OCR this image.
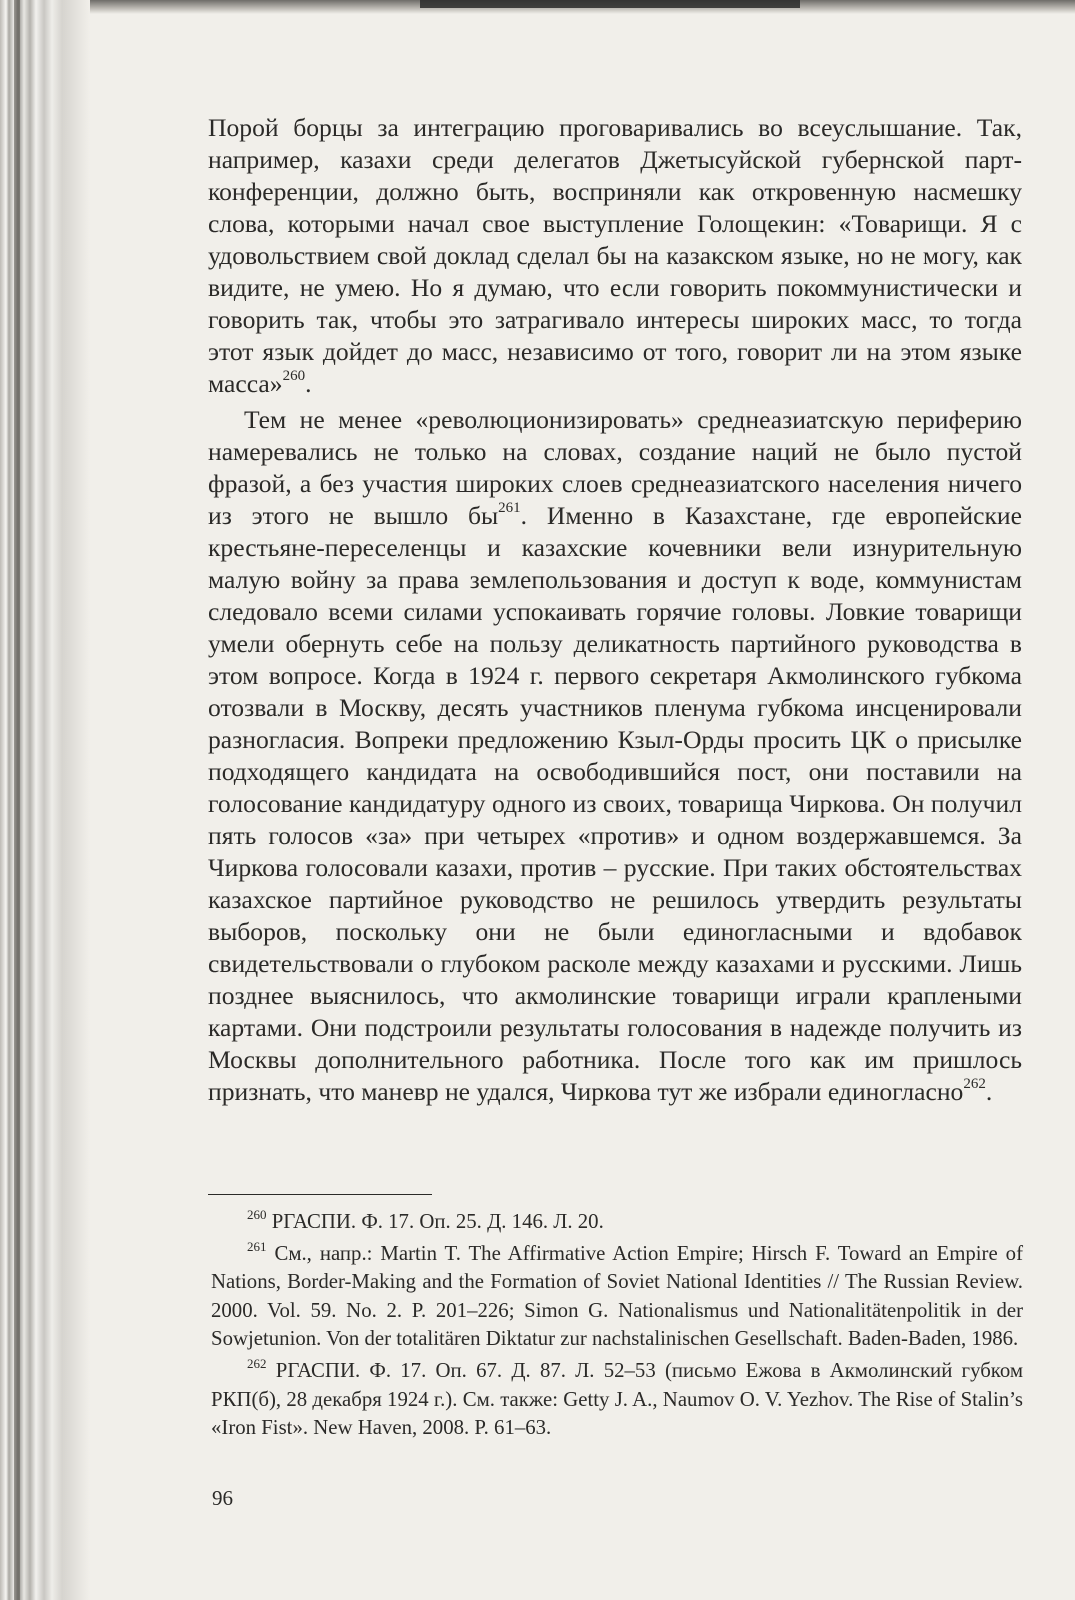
Порой борцы за интеграцию проговаривались во всеуслышание. Так, например, казахи среди делегатов Джетысуйской губернской партконференции, должно быть, восприняли как откровенную насмешку слова, которыми начал свое выступление Голощекин: «Товарищи. Я с удовольствием свой доклад сделал бы на казакском языке, но не могу, как видите, не умею. Но я думаю, что если говорить покоммунистически и говорить так, чтобы это затрагивало интересы широких масс, то тогда этот язык дойдет до масс, независимо от того, говорит ли на этом языке масса»$^{260}$.

Тем не менее «революционизировать» среднеазиатскую периферию намеревались не только на словах, создание наций не было пустой фразой, а без участия широких слоев среднеазиатского населения ничего из этого не вышло $бы^{261}$. Именно в Казахстане, где европейские крестьяне-переселенцы и казахские кочевники вели изнурительную малую войну за права землепользования и доступ к воде, коммунистам следовало всеми силами успокаивать горячие головы. Ловкие товарищи умели обернуть себе на пользу деликатность партийного руководства в этом вопросе. Когда в 1924 г. первого секретаря Акмолинского губкома отозвали в Москву, десять участников пленума губкома инсценировали разногласия. Вопреки предложению Кзыл-Орды просить ЦК о присылке подходящего кандидата на освободившийся пост, они поставили на голосование кандидатуру одного из своих, товарища Чиркова. Он получил пять голосов «за» при четырех «против» и одном воздержавшемся. За Чиркова голосовали казахи, против – русские. При таких обстоятельствах казахское партийное руководство не решилось утвердить результаты выборов, поскольку они не были единогласными и вдобавок свидетельствовали о глубоком расколе между казахами и русскими. Лишь позднее выяснилось, что акмолинские товарищи играли краплеными картами. Они подстроили результаты голосования в надежде получить из Москвы дополнительного работника. После того как им пришлось признать, что маневр не удался, Чиркова тут же избрали единогласно$^{262}$.

$^{260}$ РГАСПИ. Ф. 17. Оп. 25. Д. 146. Л. 20.

$^{261}$ См., напр.: Martin T. The Affirmative Action Empire; Hirsch F. Toward an Empire of Nations, Border-Making and the Formation of Soviet National Identities // The Russian Review. 2000. Vol. 59. No. 2. P. 201–226; Simon G. Nationalismus und Nationalitätenpolitik in der Sowjetunion. Von der totalitären Diktatur zur nachstalinischen Gesellschaft. Baden-Baden, 1986.

$^{262}$ РГАСПИ. Ф. 17. Оп. 67. Д. 87. Л. 52–53 (письмо Ежова в Акмолинский губком РКП(б), 28 декабря 1924 г.). См. также: Getty J. A., Naumov O. V. Yezhov. The Rise of Stalin’s «Iron Fist». New Haven, 2008. P. 61–63.

96
